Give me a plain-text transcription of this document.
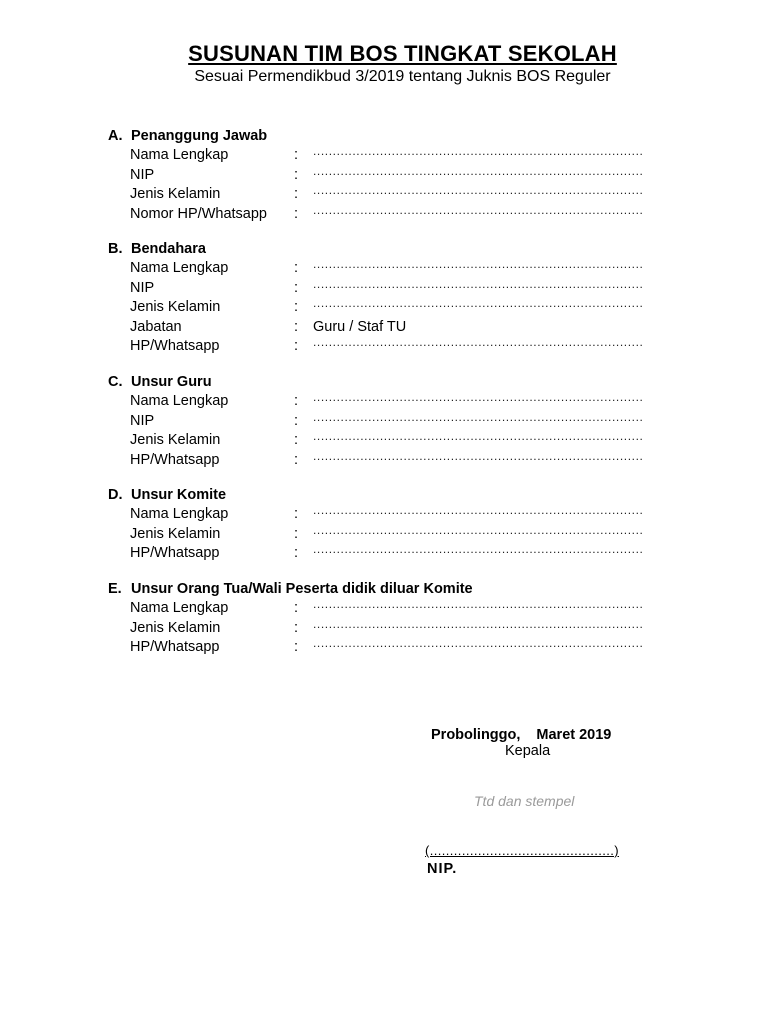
SUSUNAN TIM BOS TINGKAT SEKOLAH
Sesuai Permendikbud 3/2019 tentang Juknis BOS Reguler
A. Penanggung Jawab
Nama Lengkap	: ....................................................................................
NIP	: ....................................................................................
Jenis Kelamin	: ....................................................................................
Nomor HP/Whatsapp : ....................................................................................
B. Bendahara
Nama Lengkap	: ....................................................................................
NIP	: ....................................................................................
Jenis Kelamin	: ....................................................................................
Jabatan	: Guru / Staf TU
HP/Whatsapp	: ....................................................................................
C. Unsur Guru
Nama Lengkap	: ....................................................................................
NIP	: ....................................................................................
Jenis Kelamin	: ....................................................................................
HP/Whatsapp	: ....................................................................................
D. Unsur Komite
Nama Lengkap	: ....................................................................................
Jenis Kelamin	: ....................................................................................
HP/Whatsapp	: ....................................................................................
E. Unsur Orang Tua/Wali Peserta didik diluar Komite
Nama Lengkap	: ....................................................................................
Jenis Kelamin	: ....................................................................................
HP/Whatsapp	: ....................................................................................
Probolinggo, Maret 2019
Kepala
Ttd dan stempel
(..............................................)
NIP.
